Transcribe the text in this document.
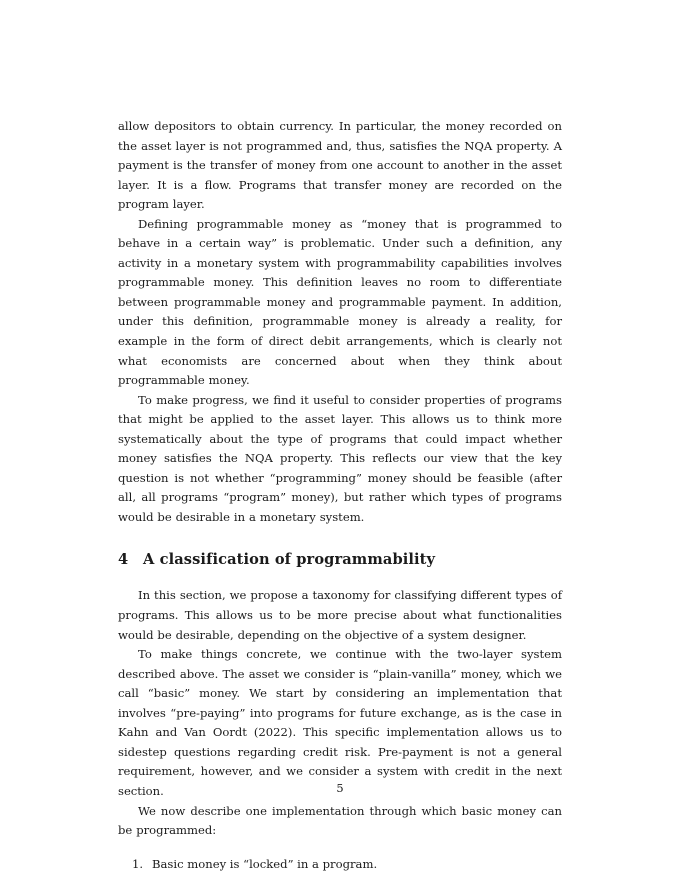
allow depositors to obtain currency. In particular, the money recorded on the asset layer is not programmed and, thus, satisfies the NQA property. A payment is the transfer of money from one account to another in the asset layer. It is a flow. Programs that transfer money are recorded on the program layer.

Defining programmable money as “money that is programmed to behave in a certain way” is problematic. Under such a definition, any activity in a monetary system with programmability capabilities involves programmable money. This definition leaves no room to differentiate between programmable money and programmable payment. In addition, under this definition, programmable money is already a reality, for example in the form of direct debit arrangements, which is clearly not what economists are concerned about when they think about programmable money.

To make progress, we find it useful to consider properties of programs that might be applied to the asset layer. This allows us to think more systematically about the type of programs that could impact whether money satisfies the NQA property. This reflects our view that the key question is not whether “programming” money should be feasible (after all, all programs “program” money), but rather which types of programs would be desirable in a monetary system.

4 A classification of programmability

In this section, we propose a taxonomy for classifying different types of programs. This allows us to be more precise about what functionalities would be desirable, depending on the objective of a system designer.

To make things concrete, we continue with the two-layer system described above. The asset we consider is “plain-vanilla” money, which we call “basic” money. We start by considering an implementation that involves “pre-paying” into programs for future exchange, as is the case in Kahn and Van Oordt (2022). This specific implementation allows us to sidestep questions regarding credit risk. Pre-payment is not a general requirement, however, and we consider a system with credit in the next section.

We now describe one implementation through which basic money can be programmed:

1. Basic money is “locked” in a program.
5
